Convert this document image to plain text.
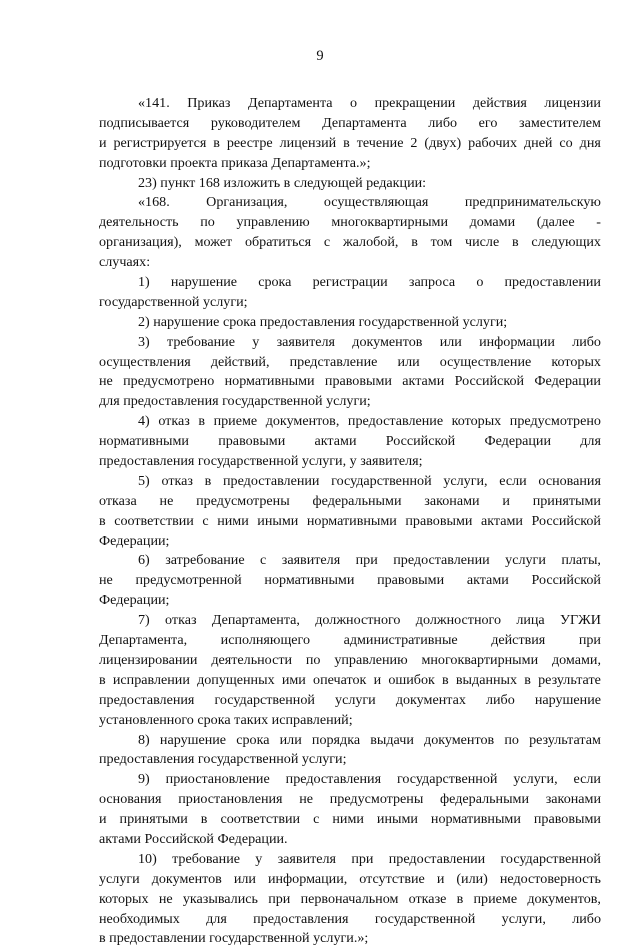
9
«141. Приказ Департамента о прекращении действия лицензии
подписывается руководителем Департамента либо его заместителем
и регистрируется в реестре лицензий в течение 2 (двух) рабочих дней со дня
подготовки проекта приказа Департамента.»;
23) пункт 168 изложить в следующей редакции:
«168.	Организация,	осуществляющая	предпринимательскую
деятельность по управлению многоквартирными домами (далее -
организация), может обратиться с жалобой, в том числе в следующих
случаях:
1) нарушение срока регистрации запроса о предоставлении
государственной услуги;
2) нарушение срока предоставления государственной услуги;
3) требование у заявителя документов или информации либо
осуществления действий, представление или осуществление которых
не предусмотрено нормативными правовыми актами Российской Федерации
для предоставления государственной услуги;
4) отказ в приеме документов, предоставление которых предусмотрено
нормативными правовыми актами Российской Федерации для
предоставления государственной услуги, у заявителя;
5) отказ в предоставлении государственной услуги, если основания
отказа не предусмотрены федеральными законами и принятыми
в соответствии с ними иными нормативными правовыми актами Российской
Федерации;
6) затребование с заявителя при предоставлении услуги платы,
не предусмотренной нормативными правовыми актами Российской
Федерации;
7) отказ Департамента, должностного должностного лица УГЖИ
Департамента, исполняющего административные действия при
лицензировании деятельности по управлению многоквартирными домами,
в исправлении допущенных ими опечаток и ошибок в выданных в результате
предоставления государственной услуги документах либо нарушение
установленного срока таких исправлений;
8) нарушение срока или порядка выдачи документов по результатам
предоставления государственной услуги;
9) приостановление предоставления государственной услуги, если
основания приостановления не предусмотрены федеральными законами
и принятыми в соответствии с ними иными нормативными правовыми
актами Российской Федерации.
10) требование у заявителя при предоставлении государственной
услуги документов или информации, отсутствие и (или) недостоверность
которых не указывались при первоначальном отказе в приеме документов,
необходимых для предоставления государственной услуги, либо
в предоставлении государственной услуги.»;
